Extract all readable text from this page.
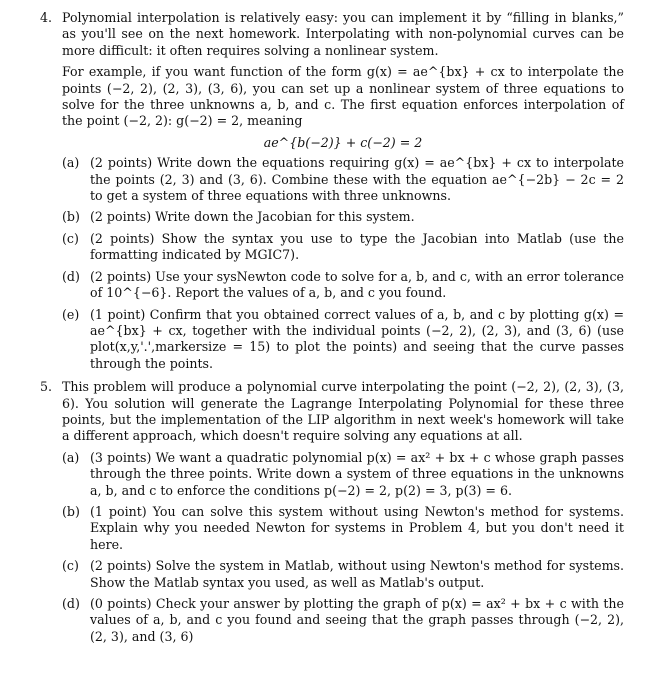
4. Polynomial interpolation is relatively easy: you can implement it by “filling in blanks,” as you'll see on the next homework. Interpolating with non-polynomial curves can be more difficult: it often requires solving a nonlinear system.

For example, if you want function of the form g(x) = ae^{bx} + cx to interpolate the points (−2, 2), (2, 3), (3, 6), you can set up a nonlinear system of three equations to solve for the three unknowns a, b, and c. The first equation enforces interpolation of the point (−2, 2): g(−2) = 2, meaning

ae^{b(−2)} + c(−2) = 2
(a) (2 points) Write down the equations requiring g(x) = ae^{bx} + cx to interpolate the points (2, 3) and (3, 6). Combine these with the equation ae^{−2b} − 2c = 2 to get a system of three equations with three unknowns.
(b) (2 points) Write down the Jacobian for this system.
(c) (2 points) Show the syntax you use to type the Jacobian into Matlab (use the formatting indicated by MGIC7).
(d) (2 points) Use your sysNewton code to solve for a, b, and c, with an error tolerance of 10^{−6}. Report the values of a, b, and c you found.
(e) (1 point) Confirm that you obtained correct values of a, b, and c by plotting g(x) = ae^{bx} + cx, together with the individual points (−2, 2), (2, 3), and (3, 6) (use plot(x,y,'.',markersize = 15) to plot the points) and seeing that the curve passes through the points.
5. This problem will produce a polynomial curve interpolating the point (−2, 2), (2, 3), (3, 6). You solution will generate the Lagrange Interpolating Polynomial for these three points, but the implementation of the LIP algorithm in next week's homework will take a different approach, which doesn't require solving any equations at all.

(a) (3 points) We want a quadratic polynomial p(x) = ax² + bx + c whose graph passes through the three points. Write down a system of three equations in the unknowns a, b, and c to enforce the conditions p(−2) = 2, p(2) = 3, p(3) = 6.
(b) (1 point) You can solve this system without using Newton's method for systems. Explain why you needed Newton for systems in Problem 4, but you don't need it here.
(c) (2 points) Solve the system in Matlab, without using Newton's method for systems. Show the Matlab syntax you used, as well as Matlab's output.
(d) (0 points) Check your answer by plotting the graph of p(x) = ax² + bx + c with the values of a, b, and c you found and seeing that the graph passes through (−2, 2), (2, 3), and (3, 6)
